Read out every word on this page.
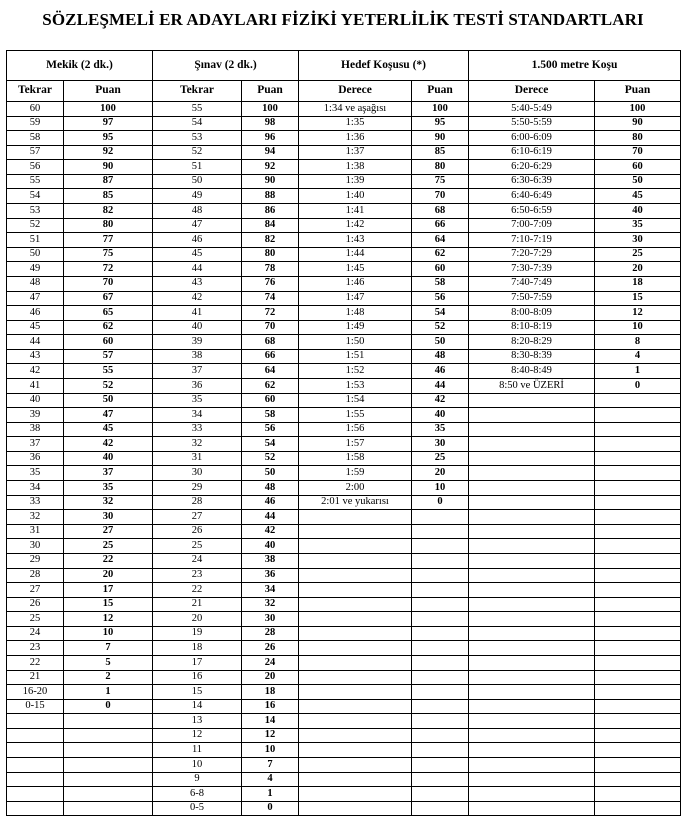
SÖZLEŞMELİ ER ADAYLARI FİZİKİ YETERLİLİK TESTİ STANDARTLARI
Mekik (2 dk.)		Şınav (2 dk.)		Hedef Koşusu (*)		1.500 metre Koşu	
Tekrar	Puan	Tekrar	Puan	Derece	Puan	Derece	Puan
60	100	55	100	1:34 ve aşağısı	100	5:40-5:49	100
59	97	54	98	1:35	95	5:50-5:59	90
58	95	53	96	1:36	90	6:00-6:09	80
57	92	52	94	1:37	85	6:10-6:19	70
56	90	51	92	1:38	80	6:20-6:29	60
55	87	50	90	1:39	75	6:30-6:39	50
54	85	49	88	1:40	70	6:40-6:49	45
53	82	48	86	1:41	68	6:50-6:59	40
52	80	47	84	1:42	66	7:00-7:09	35
51	77	46	82	1:43	64	7:10-7:19	30
50	75	45	80	1:44	62	7:20-7:29	25
49	72	44	78	1:45	60	7:30-7:39	20
48	70	43	76	1:46	58	7:40-7:49	18
47	67	42	74	1:47	56	7:50-7:59	15
46	65	41	72	1:48	54	8:00-8:09	12
45	62	40	70	1:49	52	8:10-8:19	10
44	60	39	68	1:50	50	8:20-8:29	8
43	57	38	66	1:51	48	8:30-8:39	4
42	55	37	64	1:52	46	8:40-8:49	1
41	52	36	62	1:53	44	8:50 ve ÜZERİ	0
40	50	35	60	1:54	42		
39	47	34	58	1:55	40		
38	45	33	56	1:56	35		
37	42	32	54	1:57	30		
36	40	31	52	1:58	25		
35	37	30	50	1:59	20		
34	35	29	48	2:00	10		
33	32	28	46	2:01 ve yukarısı	0		
32	30	27	44				
31	27	26	42				
30	25	25	40				
29	22	24	38				
28	20	23	36				
27	17	22	34				
26	15	21	32				
25	12	20	30				
24	10	19	28				
23	7	18	26				
22	5	17	24				
21	2	16	20				
16-20	1	15	18				
0-15	0	14	16				
		13	14				
		12	12				
		11	10				
		10	7				
		9	4				
		6-8	1				
		0-5	0				
